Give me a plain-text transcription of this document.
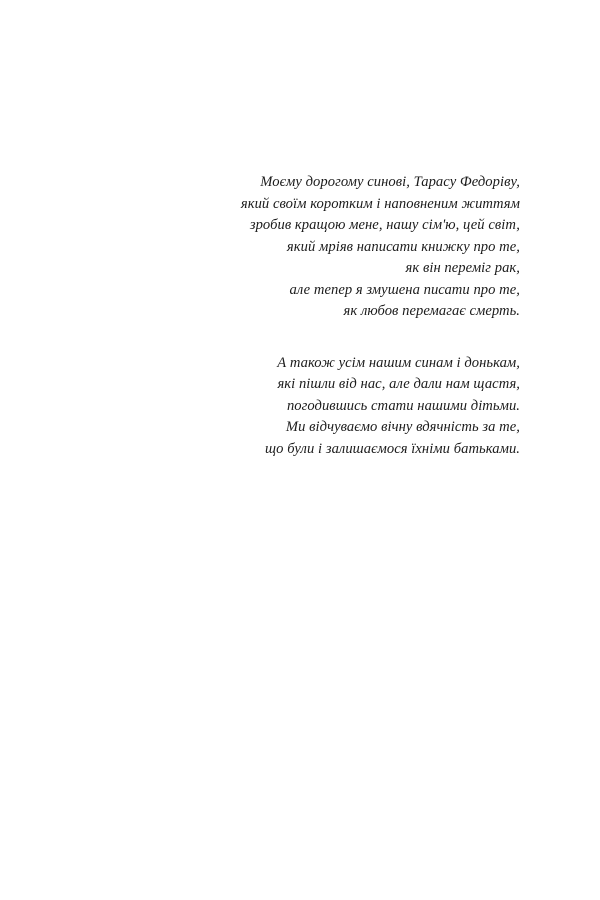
Моєму дорогому синові, Тарасу Федоріву,
який своїм коротким і наповненим життям
зробив кращою мене, нашу сім'ю, цей світ,
який мріяв написати книжку про те,
як він переміг рак,
але тепер я змушена писати про те,
як любов перемагає смерть.
А також усім нашим синам і донькам,
які пішли від нас, але дали нам щастя,
погодившись стати нашими дітьми.
Ми відчуваємо вічну вдячність за те,
що були і залишаємося їхніми батьками.
